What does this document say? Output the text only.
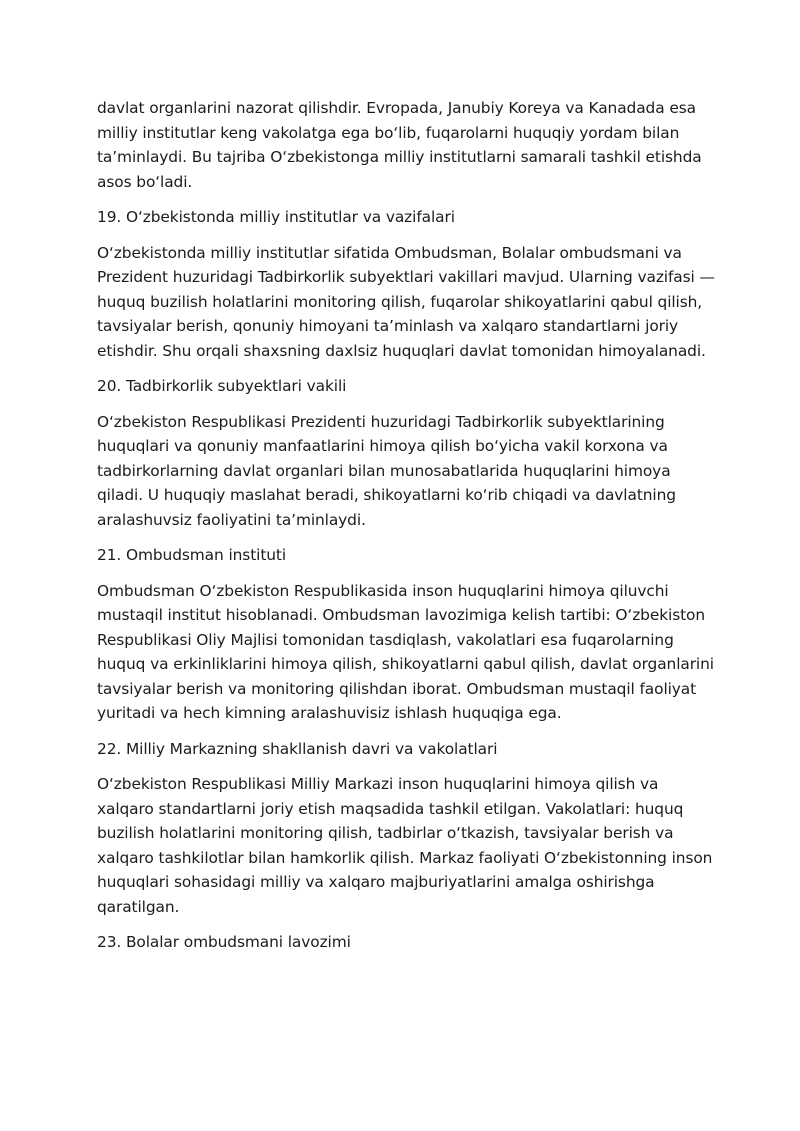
davlat organlarini nazorat qilishdir. Evropada, Janubiy Koreya va Kanadada esa milliy institutlar keng vakolatga ega bo‘lib, fuqarolarni huquqiy yordam bilan ta’minlaydi. Bu tajriba O‘zbekistonga milliy institutlarni samarali tashkil etishda asos bo‘ladi.

19. O‘zbekistonda milliy institutlar va vazifalari

O‘zbekistonda milliy institutlar sifatida Ombudsman, Bolalar ombudsmani va Prezident huzuridagi Tadbirkorlik subyektlari vakillari mavjud. Ularning vazifasi — huquq buzilish holatlarini monitoring qilish, fuqarolar shikoyatlarini qabul qilish, tavsiyalar berish, qonuniy himoyani ta’minlash va xalqaro standartlarni joriy etishdir. Shu orqali shaxsning daxlsiz huquqlari davlat tomonidan himoyalanadi.

20. Tadbirkorlik subyektlari vakili

O‘zbekiston Respublikasi Prezidenti huzuridagi Tadbirkorlik subyektlarining huquqlari va qonuniy manfaatlarini himoya qilish bo‘yicha vakil korxona va tadbirkorlarning davlat organlari bilan munosabatlarida huquqlarini himoya qiladi. U huquqiy maslahat beradi, shikoyatlarni ko‘rib chiqadi va davlatning aralashuvsiz faoliyatini ta’minlaydi.

21. Ombudsman instituti

Ombudsman O‘zbekiston Respublikasida inson huquqlarini himoya qiluvchi mustaqil institut hisoblanadi. Ombudsman lavozimiga kelish tartibi: O‘zbekiston Respublikasi Oliy Majlisi tomonidan tasdiqlash, vakolatlari esa fuqarolarning huquq va erkinliklarini himoya qilish, shikoyatlarni qabul qilish, davlat organlarini tavsiyalar berish va monitoring qilishdan iborat. Ombudsman mustaqil faoliyat yuritadi va hech kimning aralashuvisiz ishlash huquqiga ega.

22. Milliy Markazning shakllanish davri va vakolatlari

O‘zbekiston Respublikasi Milliy Markazi inson huquqlarini himoya qilish va xalqaro standartlarni joriy etish maqsadida tashkil etilgan. Vakolatlari: huquq buzilish holatlarini monitoring qilish, tadbirlar o‘tkazish, tavsiyalar berish va xalqaro tashkilotlar bilan hamkorlik qilish. Markaz faoliyati O‘zbekistonning inson huquqlari sohasidagi milliy va xalqaro majburiyatlarini amalga oshirishga qaratilgan.

23. Bolalar ombudsmani lavozimi
